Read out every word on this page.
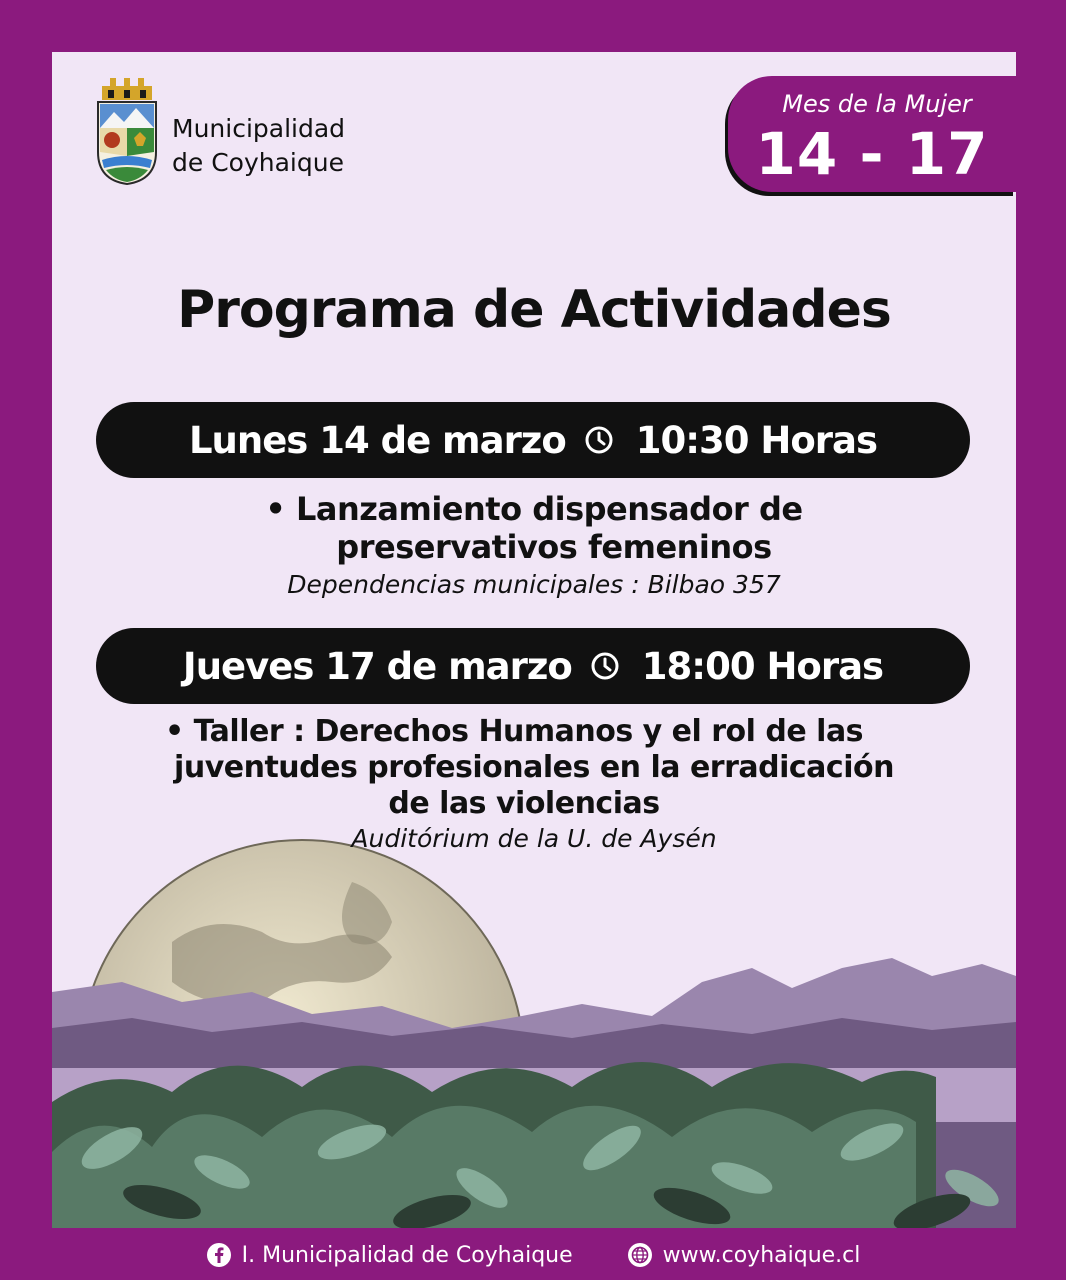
Municipalidad
de Coyhaique
Mes de la Mujer
14 - 17
Programa de Actividades
Lunes 14 de marzo 10:30 Horas
• Lanzamiento dispensador de
preservativos femeninos
Dependencias municipales : Bilbao 357
Jueves 17 de marzo 18:00 Horas
• Taller : Derechos Humanos y el rol de las
juventudes profesionales en la erradicación
de las violencias
Auditórium de la U. de Aysén
I. Municipalidad de Coyhaique	www.coyhaique.cl
